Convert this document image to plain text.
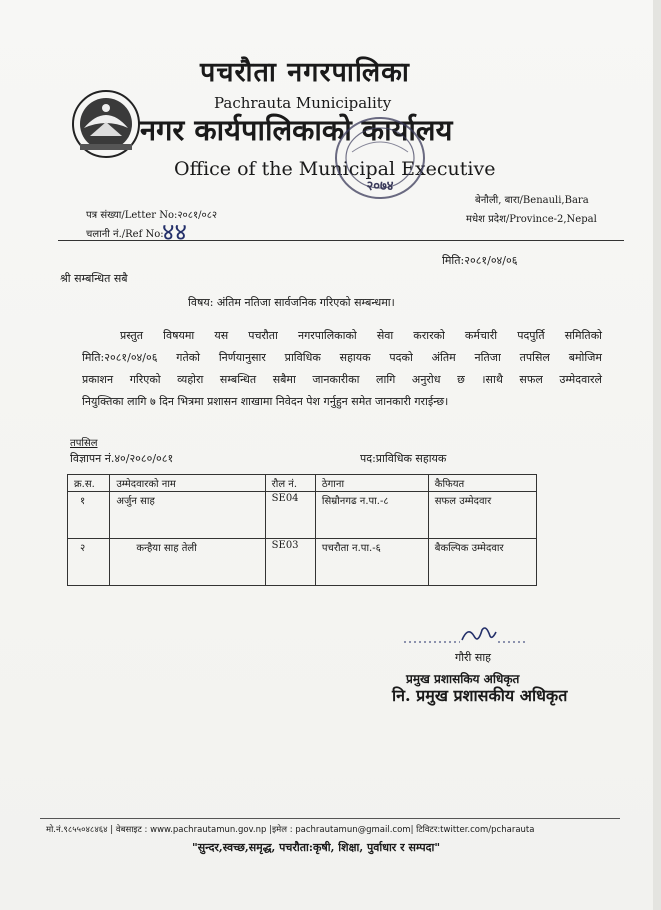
पचरौता नगरपालिका
Pachrauta Municipality
नगर कार्यपालिकाको कार्यालय
Office of the Municipal Executive
२०७४
बेनौली, बारा/Benauli,Bara
मधेश प्रदेश/Province-2,Nepal
पत्र संख्या/Letter No:२०८१/०८२
चलानी नं./Ref No:
४४
मिति:२०८१/०४/०६
श्री सम्बन्धित सबै
विषय: अंतिम नतिजा सार्वजनिक गरिएको सम्बन्धमा।
प्रस्तुत विषयमा यस पचरौता नगरपालिकाको सेवा करारको कर्मचारी पदपुर्ति समितिको
मिति:२०८१/०४/०६ गतेको निर्णयानुसार प्राविधिक सहायक पदको अंतिम नतिजा तपसिल बमोजिम
प्रकाशन गरिएको व्यहोरा सम्बन्धित सबैमा जानकारीका लागि अनुरोध छ ।साथै सफल उम्मेदवारले
नियुक्तिका लागि ७ दिन भित्रमा प्रशासन शाखामा निवेदन पेश गर्नुहुन समेत जानकारी गराईन्छ।
तपसिल
विज्ञापन नं.४०/२०८०/०८१	पद:प्राविधिक सहायक
क्र.स.	उम्मेदवारको नाम	रौल नं.	ठेगाना	कैफियत
१	अर्जुन साह	SE04	सिम्रौनगढ न.पा.-८	सफल उम्मेदवार
२	कन्हैया साह तेली	SE03	पचरौता न.पा.-६	बैकल्पिक उम्मेदवार
गौरी साह
प्रमुख प्रशासकिय अधिकृत
नि. प्रमुख प्रशासकीय अधिकृत
मो.नं.९८५५०४८४६४ | वेबसाइट : www.pachrautamun.gov.np |इमेल : pachrautamun@gmail.com| टिविटर:twitter.com/pcharauta
"सुन्दर,स्वच्छ,समृद्ध, पचरौता:कृषी, शिक्षा, पुर्वाधार र सम्पदा"
